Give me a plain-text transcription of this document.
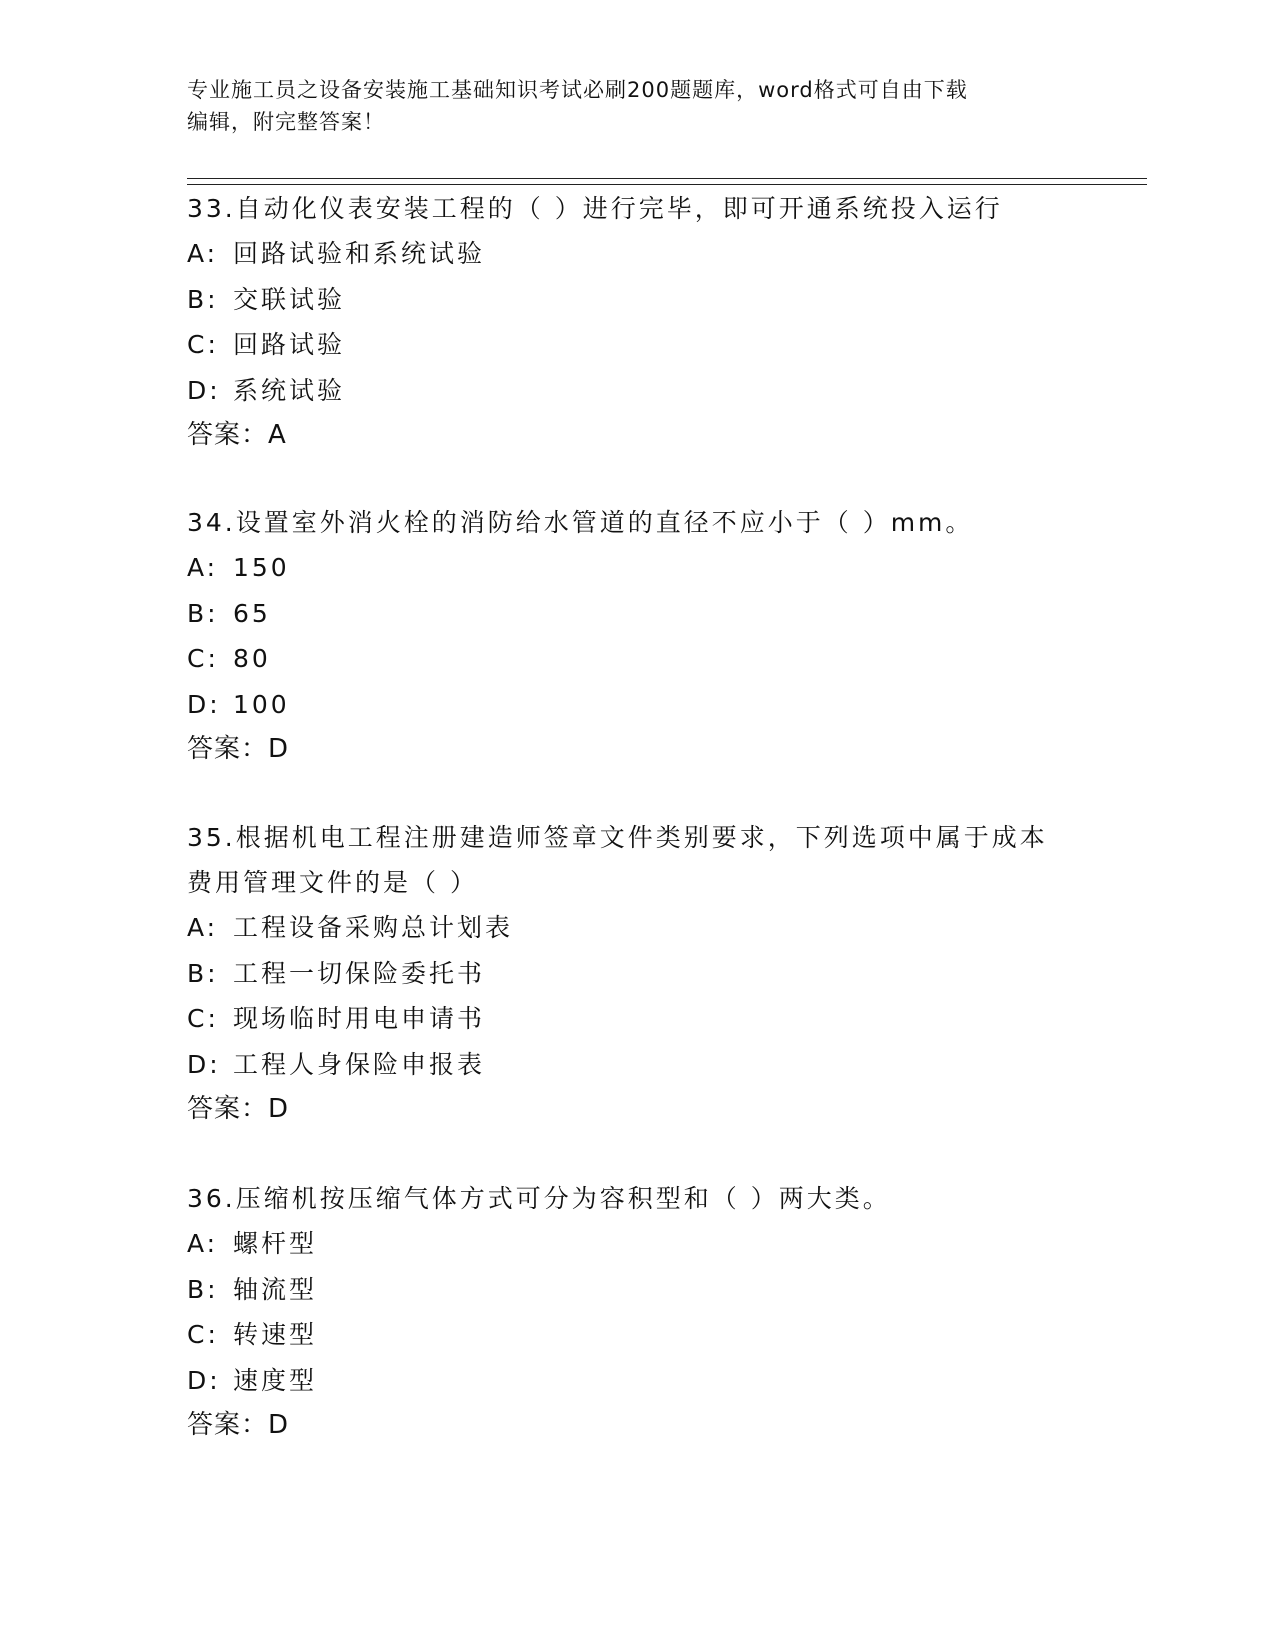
专业施工员之设备安装施工基础知识考试必刷200题题库，word格式可自由下载
编辑，附完整答案！
33.自动化仪表安装工程的（ ）进行完毕，即可开通系统投入运行
A: 回路试验和系统试验
B: 交联试验
C: 回路试验
D: 系统试验
答案：A
34.设置室外消火栓的消防给水管道的直径不应小于（ ）mm。
A: 150
B: 65
C: 80
D: 100
答案：D
35.根据机电工程注册建造师签章文件类别要求，下列选项中属于成本费用管理文件的是（ ）
A: 工程设备采购总计划表
B: 工程一切保险委托书
C: 现场临时用电申请书
D: 工程人身保险申报表
答案：D
36.压缩机按压缩气体方式可分为容积型和（ ）两大类。
A: 螺杆型
B: 轴流型
C: 转速型
D: 速度型
答案：D
